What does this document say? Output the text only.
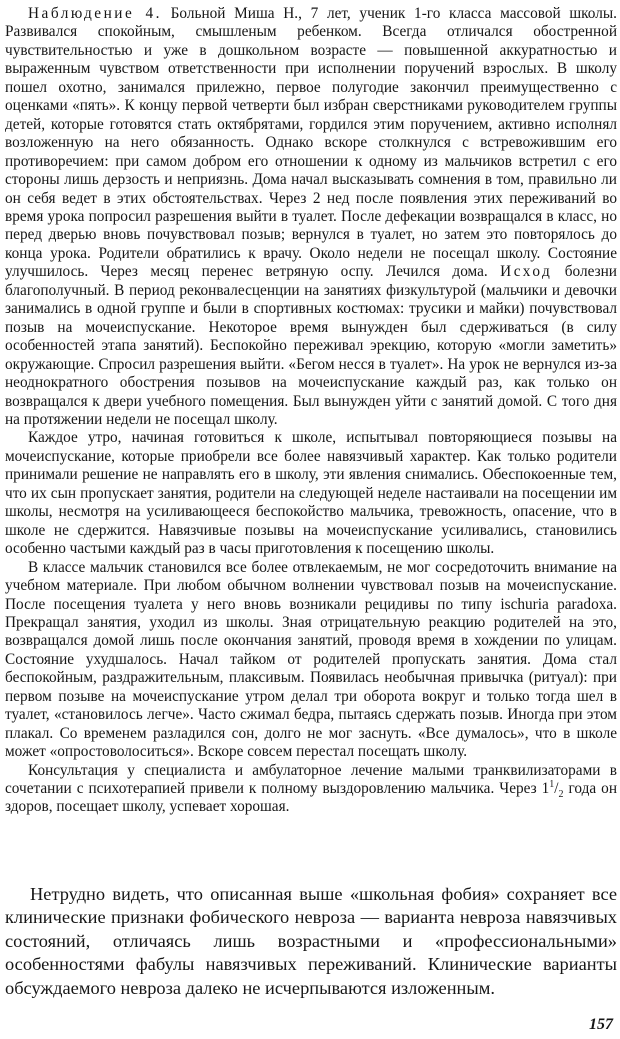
Наблюдение 4. Больной Миша Н., 7 лет, ученик 1-го класса массовой школы. Развивался спокойным, смышленым ребенком. Всегда отличался обостренной чувствительностью и уже в дошкольном возрасте — повышенной аккуратностью и выраженным чувством ответственности при исполнении поручений взрослых. В школу пошел охотно, занимался прилежно, первое полугодие закончил преимущественно с оценками «пять». К концу первой четверти был избран сверстниками руководителем группы детей, которые готовятся стать октябрятами, гордился этим поручением, активно исполнял возложенную на него обязанность. Однако вскоре столкнулся с встревожившим его противоречием: при самом добром его отношении к одному из мальчиков встретил с его стороны лишь дерзость и неприязнь. Дома начал высказывать сомнения в том, правильно ли он себя ведет в этих обстоятельствах. Через 2 нед после появления этих переживаний во время урока попросил разрешения выйти в туалет. После дефекации возвращался в класс, но перед дверью вновь почувствовал позыв; вернулся в туалет, но затем это повторялось до конца урока. Родители обратились к врачу. Около недели не посещал школу. Состояние улучшилось. Через месяц перенес ветряную оспу. Лечился дома. Исход болезни благополучный. В период реконвалесценции на занятиях физкультурой (мальчики и девочки занимались в одной группе и были в спортивных костюмах: трусики и майки) почувствовал позыв на мочеиспускание. Некоторое время вынужден был сдерживаться (в силу особенностей этапа занятий). Беспокойно переживал эрекцию, которую «могли заметить» окружающие. Спросил разрешения выйти. «Бегом несся в туалет». На урок не вернулся из-за неоднократного обострения позывов на мочеиспускание каждый раз, как только он возвращался к двери учебного помещения. Был вынужден уйти с занятий домой. С того дня на протяжении недели не посещал школу.

Каждое утро, начиная готовиться к школе, испытывал повторяющиеся позывы на мочеиспускание, которые приобрели все более навязчивый характер. Как только родители принимали решение не направлять его в школу, эти явления снимались. Обеспокоенные тем, что их сын пропускает занятия, родители на следующей неделе настаивали на посещении им школы, несмотря на усиливающееся беспокойство мальчика, тревожность, опасение, что в школе не сдержится. Навязчивые позывы на мочеиспускание усиливались, становились особенно частыми каждый раз в часы приготовления к посещению школы.

В классе мальчик становился все более отвлекаемым, не мог сосредоточить внимание на учебном материале. При любом обычном волнении чувствовал позыв на мочеиспускание. После посещения туалета у него вновь возникали рецидивы по типу ischuria paradoxa. Прекращал занятия, уходил из школы. Зная отрицательную реакцию родителей на это, возвращался домой лишь после окончания занятий, проводя время в хождении по улицам. Состояние ухудшалось. Начал тайком от родителей пропускать занятия. Дома стал беспокойным, раздражительным, плаксивым. Появилась необычная привычка (ритуал): при первом позыве на мочеиспускание утром делал три оборота вокруг и только тогда шел в туалет, «становилось легче». Часто сжимал бедра, пытаясь сдержать позыв. Иногда при этом плакал. Со временем разладился сон, долго не мог заснуть. «Все думалось», что в школе может «опростоволоситься». Вскоре совсем перестал посещать школу.

Консультация у специалиста и амбулаторное лечение малыми транквилизаторами в сочетании с психотерапией привели к полному выздоровлению мальчика. Через $1^1/_2$ года он здоров, посещает школу, успевает хорошая.

Нетрудно видеть, что описанная выше «школьная фобия» сохраняет все клинические признаки фобического невроза — варианта невроза навязчивых состояний, отличаясь лишь возрастными и «профессиональными» особенностями фабулы навязчивых переживаний. Клинические варианты обсуждаемого невроза далеко не исчерпываются изложенным.

157
